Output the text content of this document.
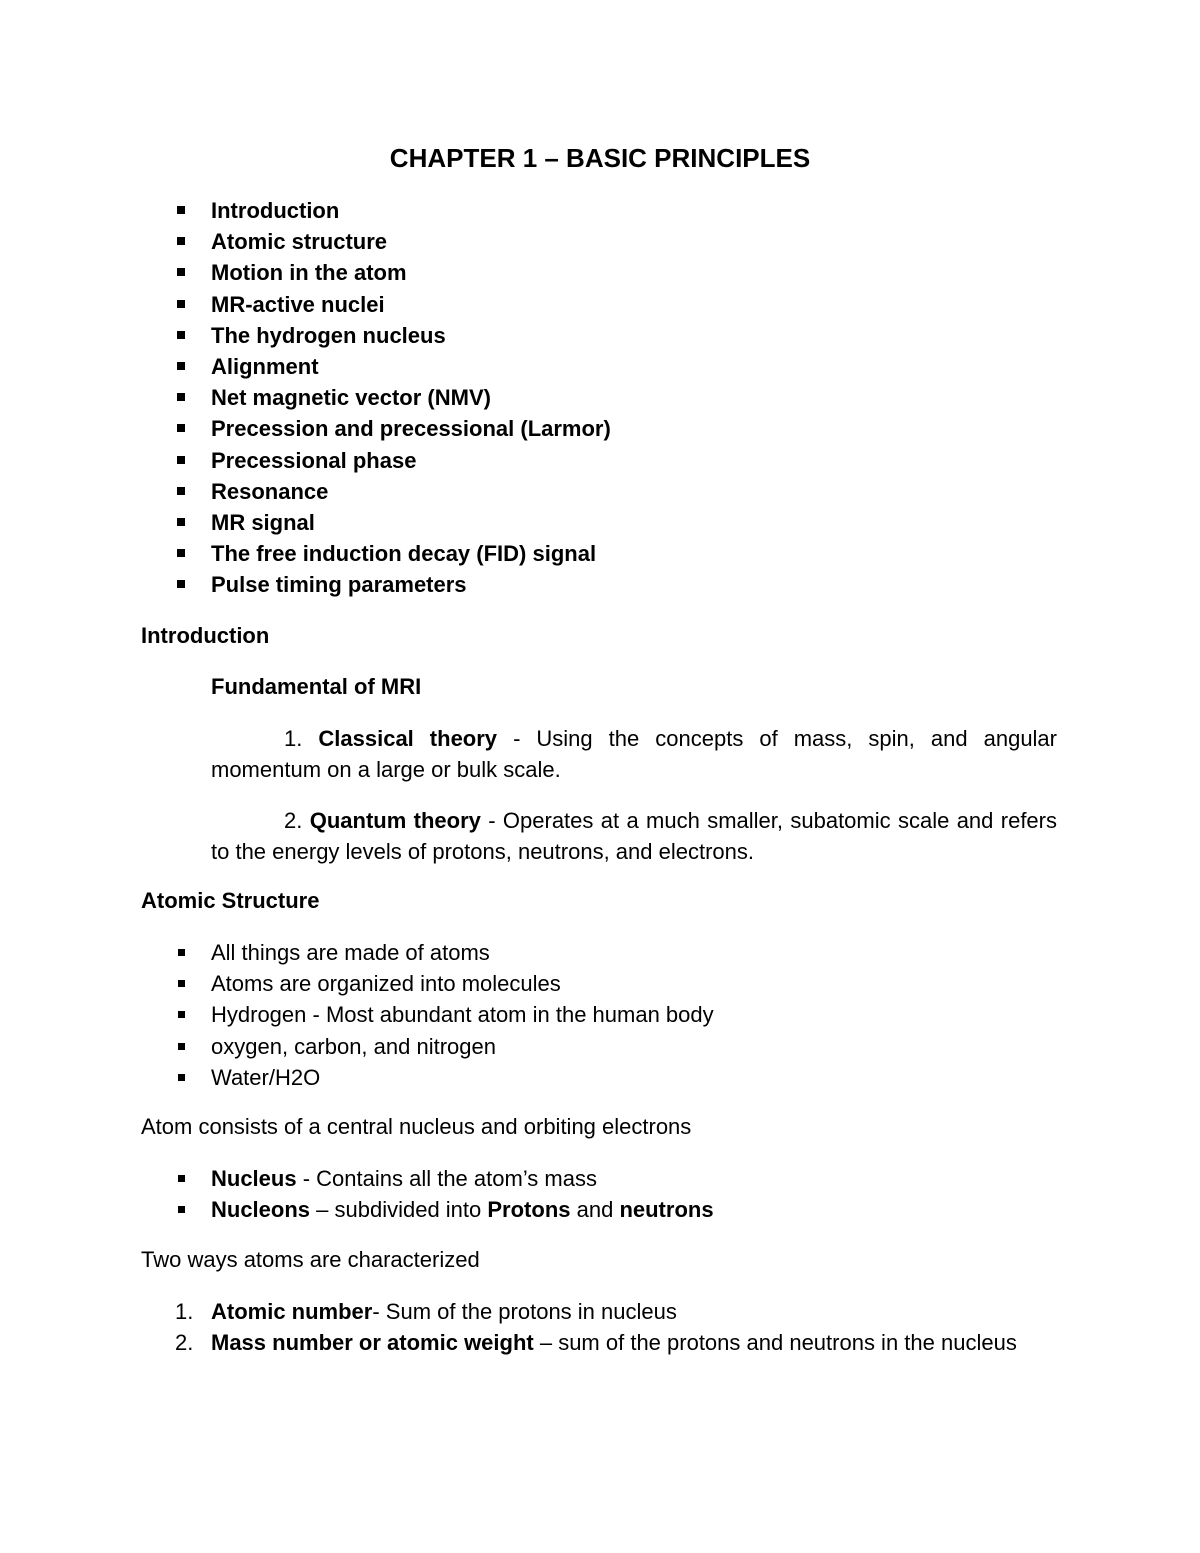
CHAPTER 1 – BASIC PRINCIPLES
Introduction
Atomic structure
Motion in the atom
MR-active nuclei
The hydrogen nucleus
Alignment
Net magnetic vector (NMV)
Precession and precessional (Larmor)
Precessional phase
Resonance
MR signal
The free induction decay (FID) signal
Pulse timing parameters
Introduction
Fundamental of MRI
1. Classical theory - Using the concepts of mass, spin, and angular momentum on a large or bulk scale.
2. Quantum theory - Operates at a much smaller, subatomic scale and refers to the energy levels of protons, neutrons, and electrons.
Atomic Structure
All things are made of atoms
Atoms are organized into molecules
Hydrogen - Most abundant atom in the human body
oxygen, carbon, and nitrogen
Water/H2O
Atom consists of a central nucleus and orbiting electrons
Nucleus - Contains all the atom’s mass
Nucleons – subdivided into Protons and neutrons
Two ways atoms are characterized
1. Atomic number- Sum of the protons in nucleus
2. Mass number or atomic weight – sum of the protons and neutrons in the nucleus
